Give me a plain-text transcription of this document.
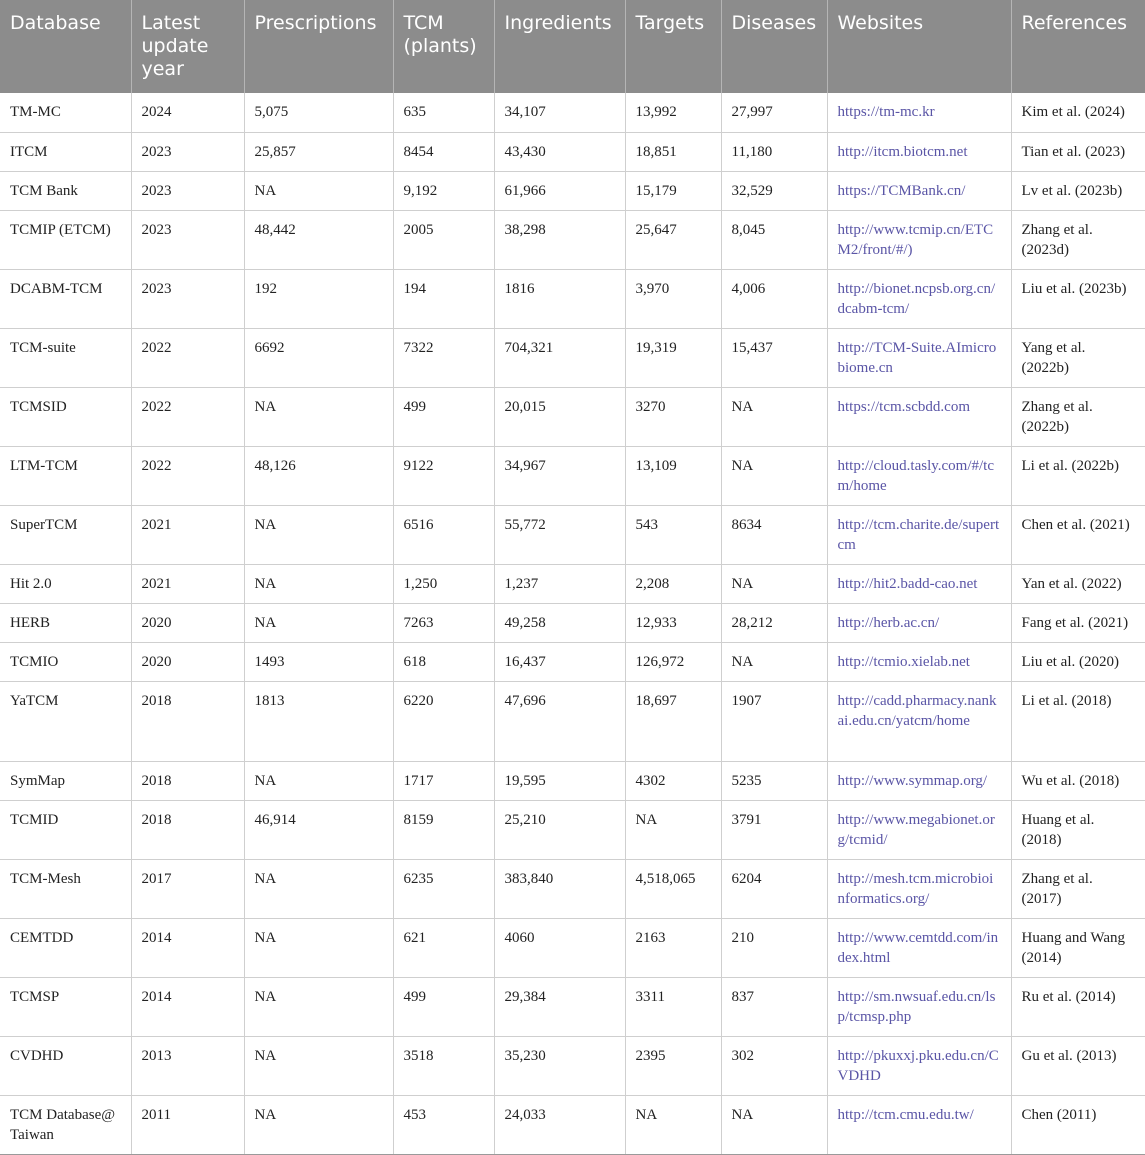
Database	Latest update year	Prescriptions	TCM (plants)	Ingredients	Targets	Diseases	Websites	References
TM-MC	2024	5,075	635	34,107	13,992	27,997	https://tm-mc.kr	Kim et al. (2024)
ITCM	2023	25,857	8454	43,430	18,851	11,180	http://itcm.biotcm.net	Tian et al. (2023)
TCM Bank	2023	NA	9,192	61,966	15,179	32,529	https://TCMBank.cn/	Lv et al. (2023b)
TCMIP (ETCM)	2023	48,442	2005	38,298	25,647	8,045	http://www.tcmip.cn/ETCM2/front/#/)	Zhang et al. (2023d)
DCABM-TCM	2023	192	194	1816	3,970	4,006	http://bionet.ncpsb.org.cn/dcabm-tcm/	Liu et al. (2023b)
TCM-suite	2022	6692	7322	704,321	19,319	15,437	http://TCM-Suite.AImicrobiome.cn	Yang et al. (2022b)
TCMSID	2022	NA	499	20,015	3270	NA	https://tcm.scbdd.com	Zhang et al. (2022b)
LTM-TCM	2022	48,126	9122	34,967	13,109	NA	http://cloud.tasly.com/#/tcm/home	Li et al. (2022b)
SuperTCM	2021	NA	6516	55,772	543	8634	http://tcm.charite.de/supertcm	Chen et al. (2021)
Hit 2.0	2021	NA	1,250	1,237	2,208	NA	http://hit2.badd-cao.net	Yan et al. (2022)
HERB	2020	NA	7263	49,258	12,933	28,212	http://herb.ac.cn/	Fang et al. (2021)
TCMIO	2020	1493	618	16,437	126,972	NA	http://tcmio.xielab.net	Liu et al. (2020)
YaTCM	2018	1813	6220	47,696	18,697	1907	http://cadd.pharmacy.nankai.edu.cn/yatcm/home	Li et al. (2018)
SymMap	2018	NA	1717	19,595	4302	5235	http://www.symmap.org/	Wu et al. (2018)
TCMID	2018	46,914	8159	25,210	NA	3791	http://www.megabionet.org/tcmid/	Huang et al. (2018)
TCM-Mesh	2017	NA	6235	383,840	4,518,065	6204	http://mesh.tcm.microbioinformatics.org/	Zhang et al. (2017)
CEMTDD	2014	NA	621	4060	2163	210	http://www.cemtdd.com/index.html	Huang and Wang (2014)
TCMSP	2014	NA	499	29,384	3311	837	http://sm.nwsuaf.edu.cn/lsp/tcmsp.php	Ru et al. (2014)
CVDHD	2013	NA	3518	35,230	2395	302	http://pkuxxj.pku.edu.cn/CVDHD	Gu et al. (2013)
TCM Database@ Taiwan	2011	NA	453	24,033	NA	NA	http://tcm.cmu.edu.tw/	Chen (2011)
